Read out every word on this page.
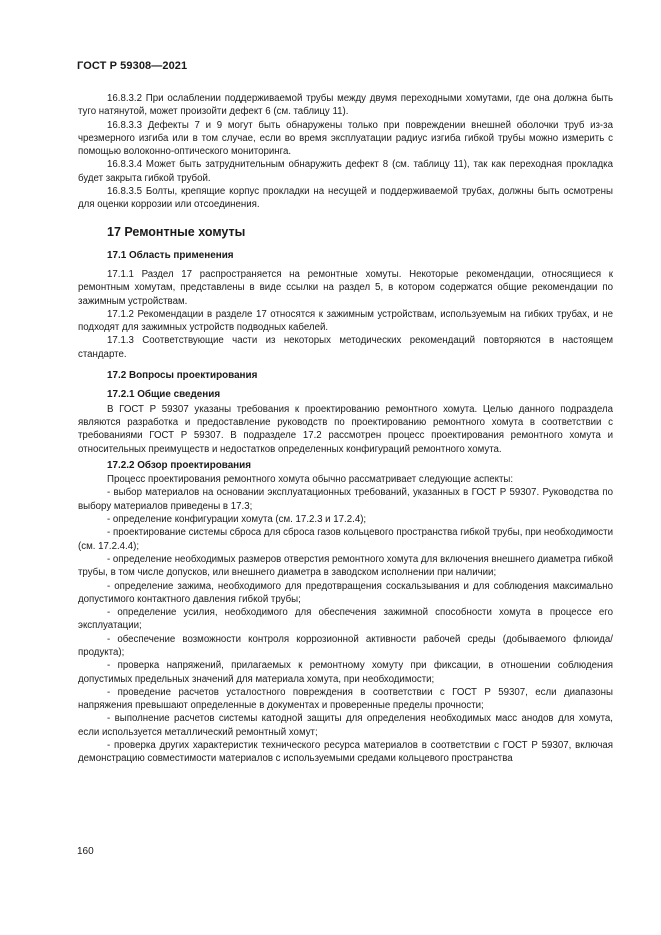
ГОСТ Р 59308—2021

16.8.3.2 При ослаблении поддерживаемой трубы между двумя переходными хомутами, где она должна быть туго натянутой, может произойти дефект 6 (см. таблицу 11).

16.8.3.3 Дефекты 7 и 9 могут быть обнаружены только при повреждении внешней оболочки труб из-за чрезмерного изгиба или в том случае, если во время эксплуатации радиус изгиба гибкой трубы можно измерить с помощью волоконно-оптического мониторинга.

16.8.3.4 Может быть затруднительным обнаружить дефект 8 (см. таблицу 11), так как переходная прокладка будет закрыта гибкой трубой.

16.8.3.5 Болты, крепящие корпус прокладки на несущей и поддерживаемой трубах, должны быть осмотрены для оценки коррозии или отсоединения.

17 Ремонтные хомуты
17.1 Область применения

17.1.1 Раздел 17 распространяется на ремонтные хомуты. Некоторые рекомендации, относящиеся к ремонтным хомутам, представлены в виде ссылки на раздел 5, в котором содержатся общие рекомендации по зажимным устройствам.

17.1.2 Рекомендации в разделе 17 относятся к зажимным устройствам, используемым на гибких трубах, и не подходят для зажимных устройств подводных кабелей.

17.1.3 Соответствующие части из некоторых методических рекомендаций повторяются в настоящем стандарте.

17.2 Вопросы проектирования
17.2.1 Общие сведения

В ГОСТ Р 59307 указаны требования к проектированию ремонтного хомута. Целью данного подраздела являются разработка и предоставление руководств по проектированию ремонтного хомута в соответствии с требованиями ГОСТ Р 59307. В подразделе 17.2 рассмотрен процесс проектирования ремонтного хомута и относительных преимуществ и недостатков определенных конфигураций ремонтного хомута.

17.2.2 Обзор проектирования

Процесс проектирования ремонтного хомута обычно рассматривает следующие аспекты:

- выбор материалов на основании эксплуатационных требований, указанных в ГОСТ Р 59307. Руководства по выбору материалов приведены в 17.3;

- определение конфигурации хомута (см. 17.2.3 и 17.2.4);

- проектирование системы сброса для сброса газов кольцевого пространства гибкой трубы, при необходимости (см. 17.2.4.4);

- определение необходимых размеров отверстия ремонтного хомута для включения внешнего диаметра гибкой трубы, в том числе допусков, или внешнего диаметра в заводском исполнении при наличии;

- определение зажима, необходимого для предотвращения соскальзывания и для соблюдения максимально допустимого контактного давления гибкой трубы;

- определение усилия, необходимого для обеспечения зажимной способности хомута в процессе его эксплуатации;

- обеспечение возможности контроля коррозионной активности рабочей среды (добываемого флюида/продукта);

- проверка напряжений, прилагаемых к ремонтному хомуту при фиксации, в отношении соблюдения допустимых предельных значений для материала хомута, при необходимости;

- проведение расчетов усталостного повреждения в соответствии с ГОСТ Р 59307, если диапазоны напряжения превышают определенные в документах и проверенные пределы прочности;

- выполнение расчетов системы катодной защиты для определения необходимых масс анодов для хомута, если используется металлический ремонтный хомут;

- проверка других характеристик технического ресурса материалов в соответствии с ГОСТ Р 59307, включая демонстрацию совместимости материалов с используемыми средами кольцевого пространства

160
